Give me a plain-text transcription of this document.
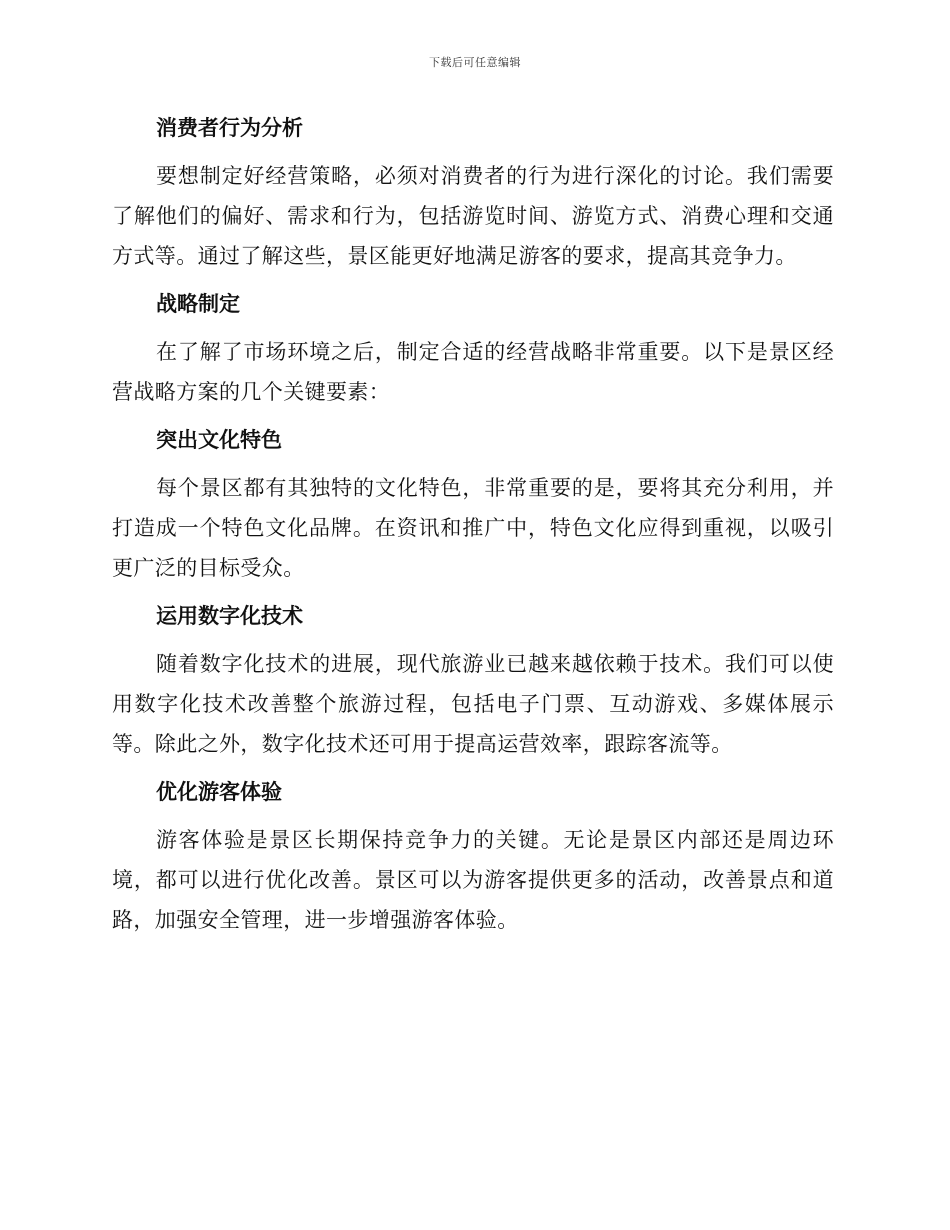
下载后可任意编辑
消费者行为分析

要想制定好经营策略，必须对消费者的行为进行深化的讨论。我们需要了解他们的偏好、需求和行为，包括游览时间、游览方式、消费心理和交通方式等。通过了解这些，景区能更好地满足游客的要求，提高其竞争力。

战略制定

在了解了市场环境之后，制定合适的经营战略非常重要。以下是景区经营战略方案的几个关键要素：

突出文化特色

每个景区都有其独特的文化特色，非常重要的是，要将其充分利用，并打造成一个特色文化品牌。在资讯和推广中，特色文化应得到重视，以吸引更广泛的目标受众。

运用数字化技术

随着数字化技术的进展，现代旅游业已越来越依赖于技术。我们可以使用数字化技术改善整个旅游过程，包括电子门票、互动游戏、多媒体展示等。除此之外，数字化技术还可用于提高运营效率，跟踪客流等。

优化游客体验

游客体验是景区长期保持竞争力的关键。无论是景区内部还是周边环境，都可以进行优化改善。景区可以为游客提供更多的活动，改善景点和道路，加强安全管理，进一步增强游客体验。
